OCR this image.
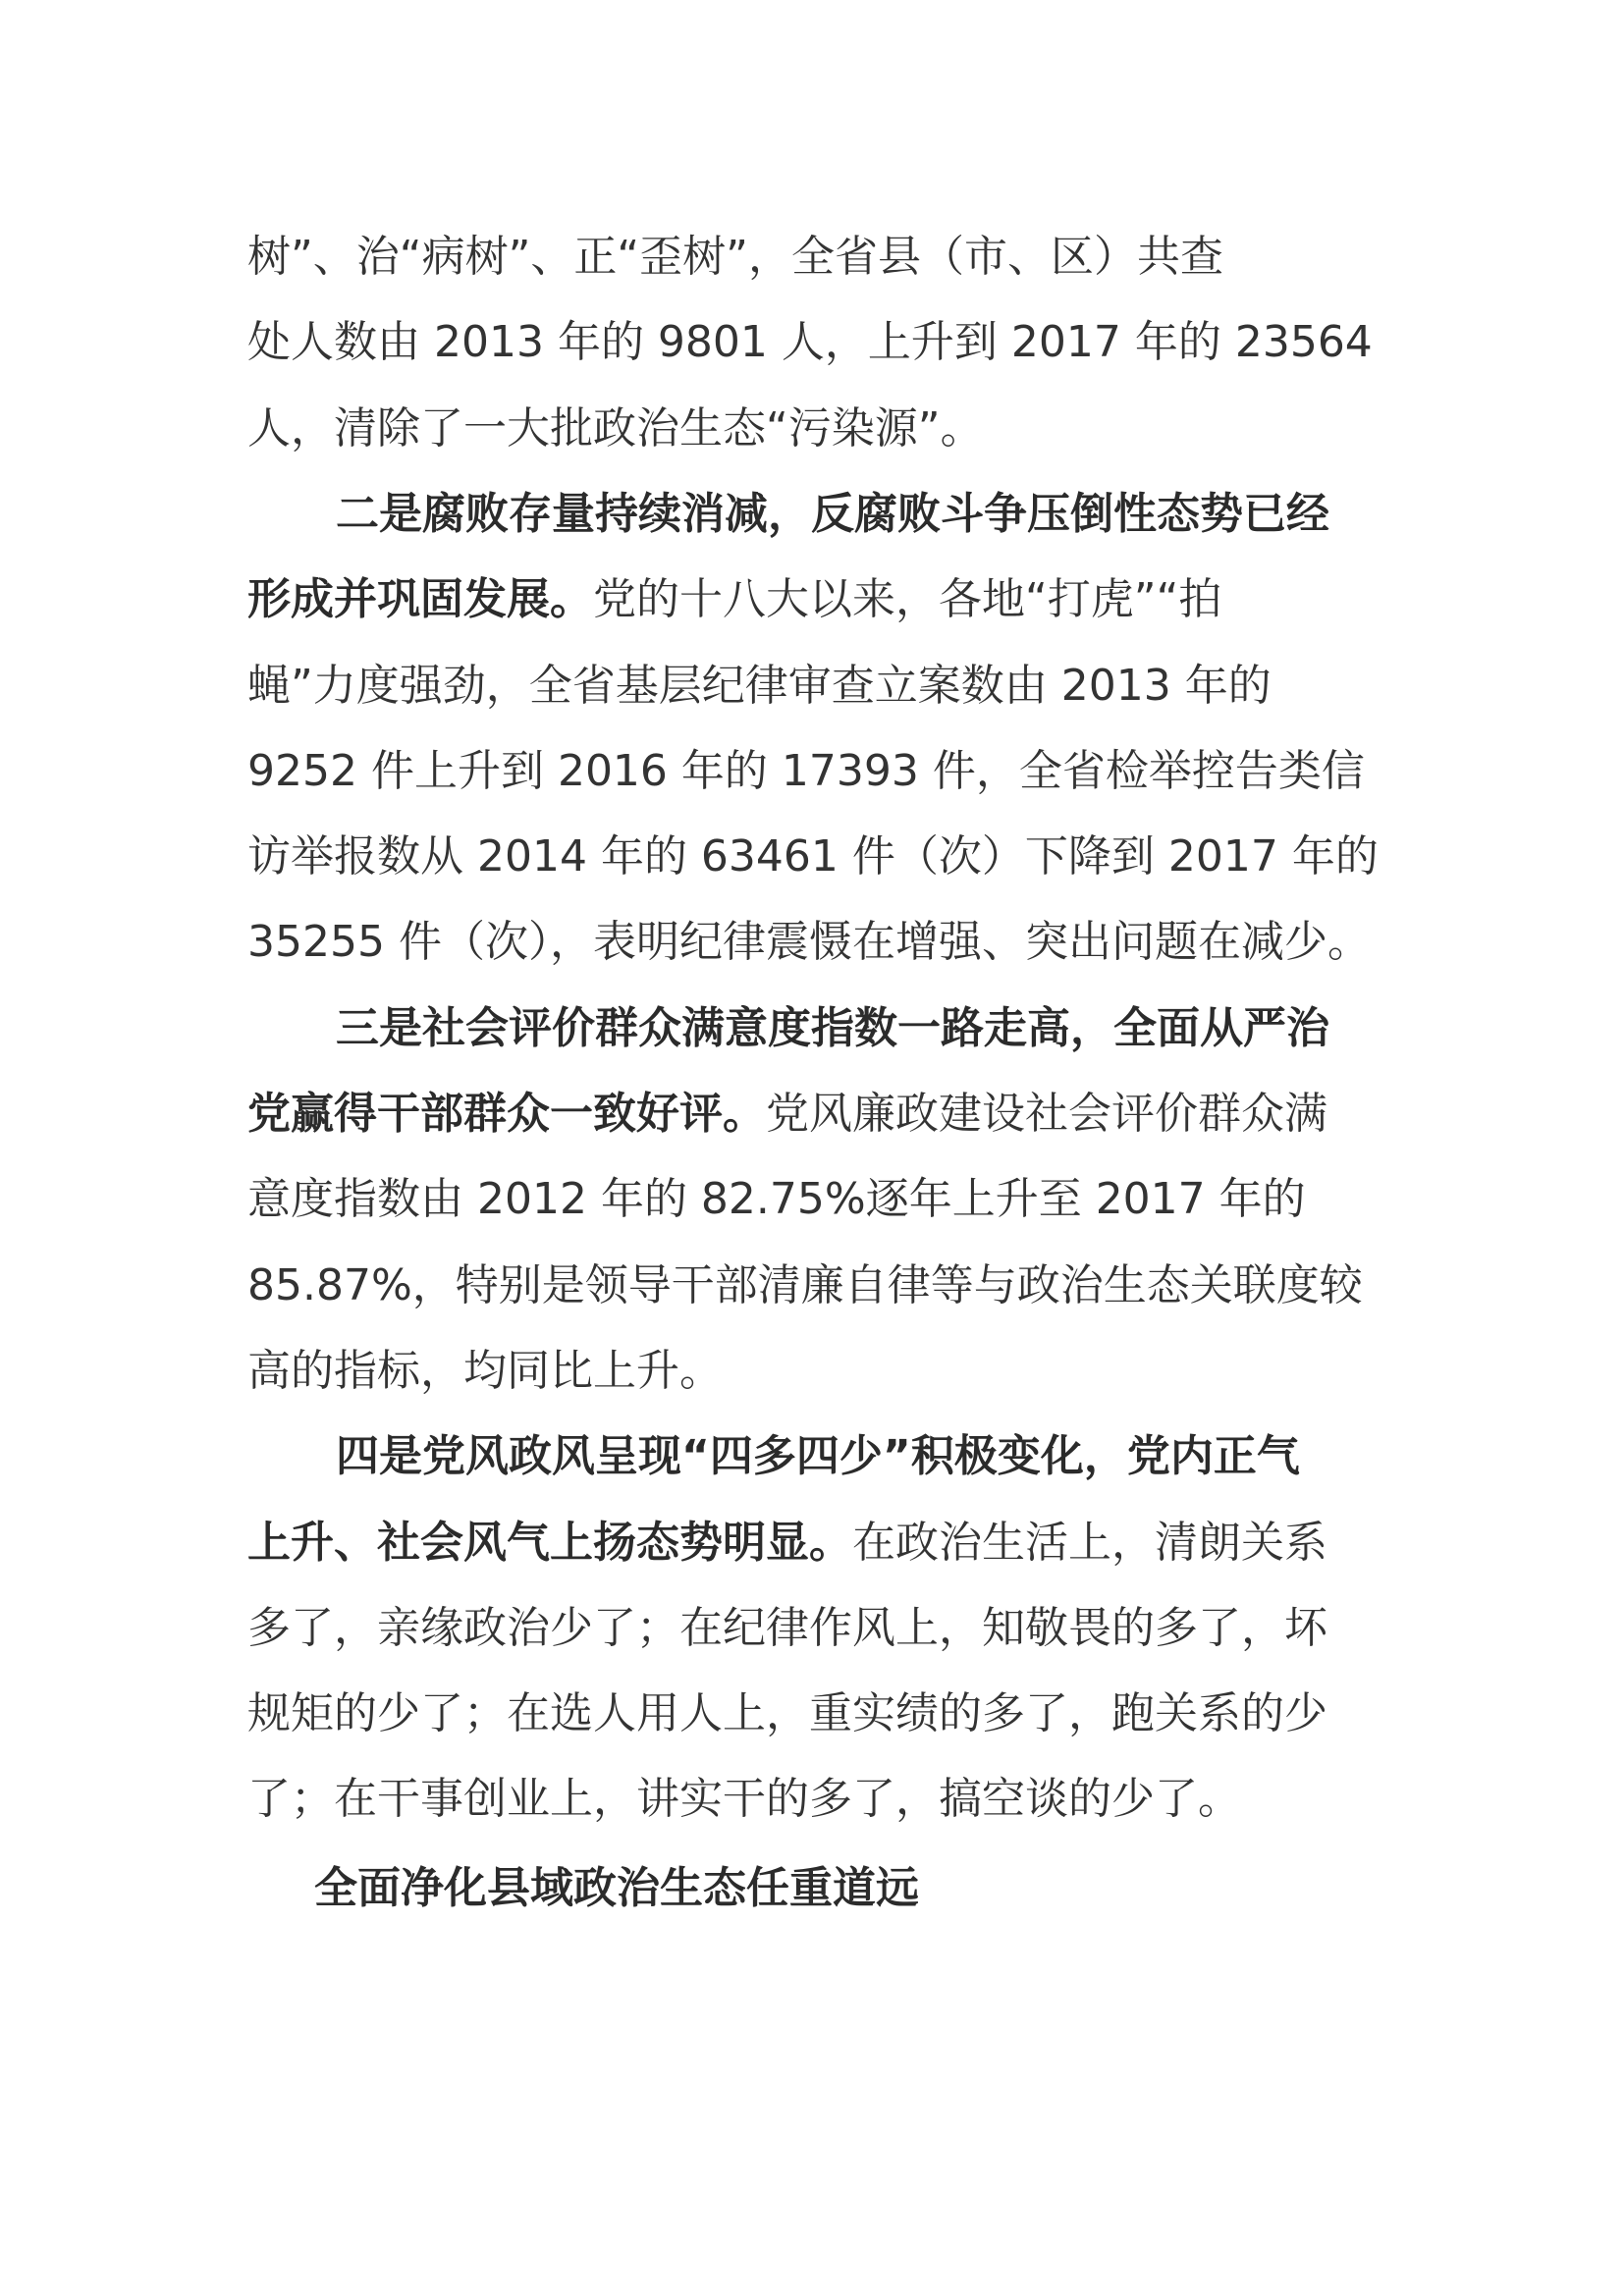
树”、治“病树”、正“歪树”，全省县（市、区）共查
处人数由 2013 年的 9801 人，上升到 2017 年的 23564
人，清除了一大批政治生态“污染源”。
二是腐败存量持续消减，反腐败斗争压倒性态势已经
形成并巩固发展。党的十八大以来，各地“打虎”“拍
蝇”力度强劲，全省基层纪律审查立案数由 2013 年的
9252 件上升到 2016 年的 17393 件，全省检举控告类信
访举报数从 2014 年的 63461 件（次）下降到 2017 年的
35255 件（次），表明纪律震慑在增强、突出问题在减少。
三是社会评价群众满意度指数一路走高，全面从严治
党赢得干部群众一致好评。党风廉政建设社会评价群众满
意度指数由 2012 年的 82.75%逐年上升至 2017 年的
85.87%，特别是领导干部清廉自律等与政治生态关联度较
高的指标，均同比上升。
四是党风政风呈现“四多四少”积极变化，党内正气
上升、社会风气上扬态势明显。在政治生活上，清朗关系
多了，亲缘政治少了；在纪律作风上，知敬畏的多了，坏
规矩的少了；在选人用人上，重实绩的多了，跑关系的少
了；在干事创业上，讲实干的多了，搞空谈的少了。
全面净化县域政治生态任重道远
